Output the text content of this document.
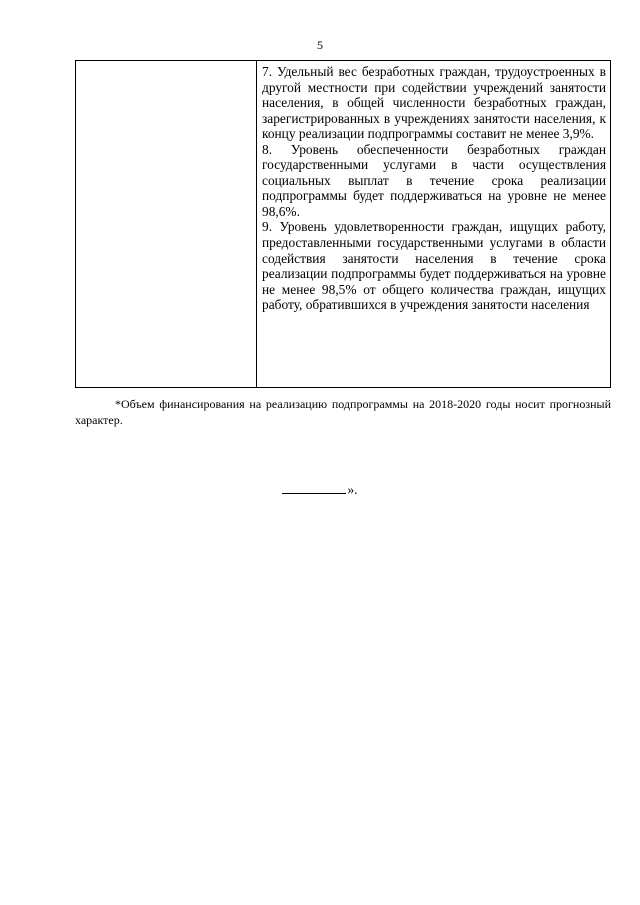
5

7. Удельный вес безработных граждан, трудоустроенных в другой местности при содействии учреждений занятости населения, в общей численности безработных граждан, зарегистрированных в учреждениях занятости населения, к концу реализации подпрограммы составит не менее 3,9%.

8. Уровень обеспеченности безработных граждан государственными услугами в части осуществления социальных выплат в течение срока реализации подпрограммы будет поддерживаться на уровне не менее 98,6%.

9. Уровень удовлетворенности граждан, ищущих работу, предоставленными государственными услугами в области содействия занятости населения в течение срока реализации подпрограммы будет поддерживаться на уровне не менее 98,5% от общего количества граждан, ищущих работу, обратившихся в учреждения занятости населения

*Объем финансирования на реализацию подпрограммы на 2018-2020 годы носит прогнозный характер.

».
